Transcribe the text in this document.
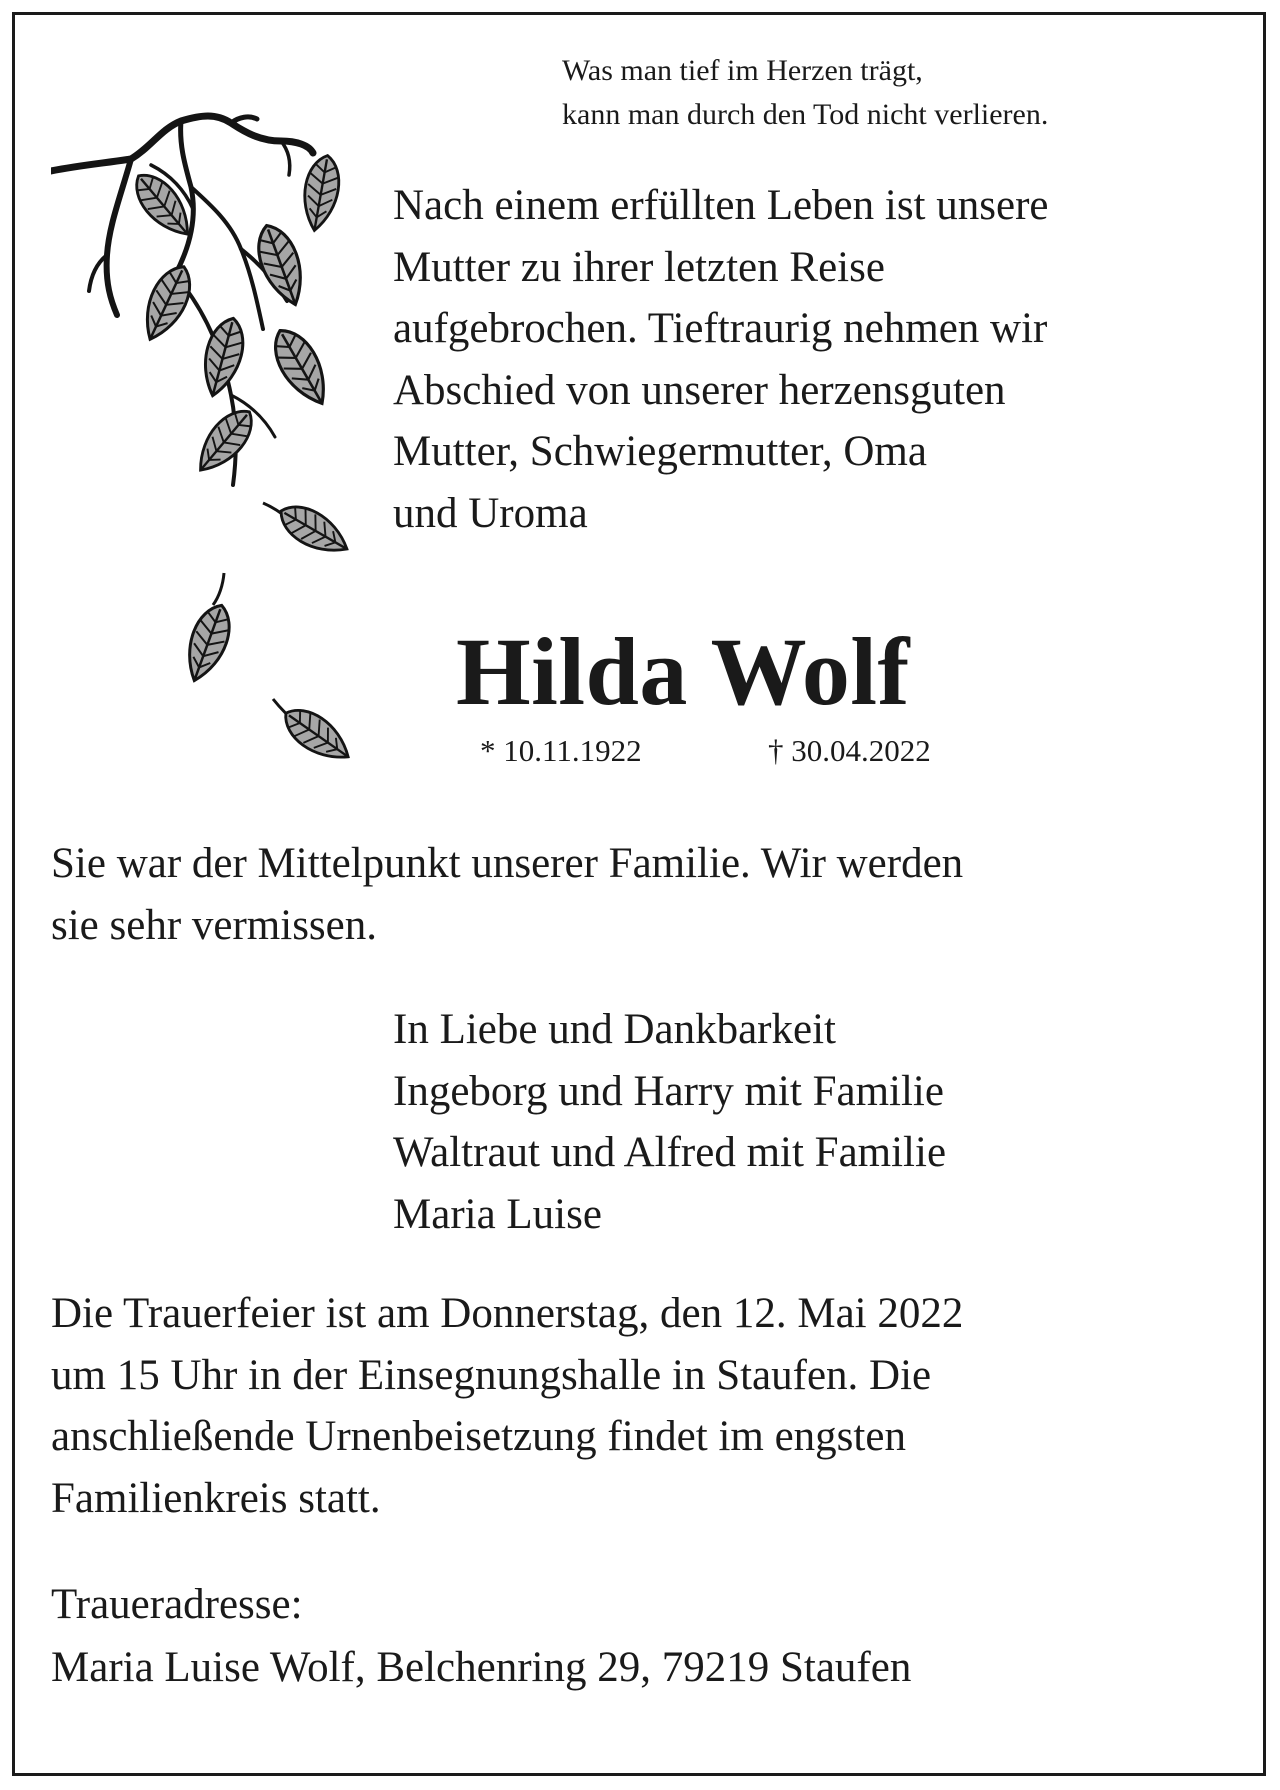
Was man tief im Herzen trägt,
kann man durch den Tod nicht verlieren.
Nach einem erfüllten Leben ist unsere
Mutter zu ihrer letzten Reise
aufgebrochen. Tieftraurig nehmen wir
Abschied von unserer herzensguten
Mutter, Schwiegermutter, Oma
und Uroma
Hilda Wolf
* 10.11.1922	† 30.04.2022
Sie war der Mittelpunkt unserer Familie. Wir werden
sie sehr vermissen.
In Liebe und Dankbarkeit
Ingeborg und Harry mit Familie
Waltraut und Alfred mit Familie
Maria Luise
Die Trauerfeier ist am Donnerstag, den 12. Mai 2022
um 15 Uhr in der Einsegnungshalle in Staufen. Die
anschließende Urnenbeisetzung findet im engsten
Familienkreis statt.
Traueradresse:
Maria Luise Wolf, Belchenring 29, 79219 Staufen
